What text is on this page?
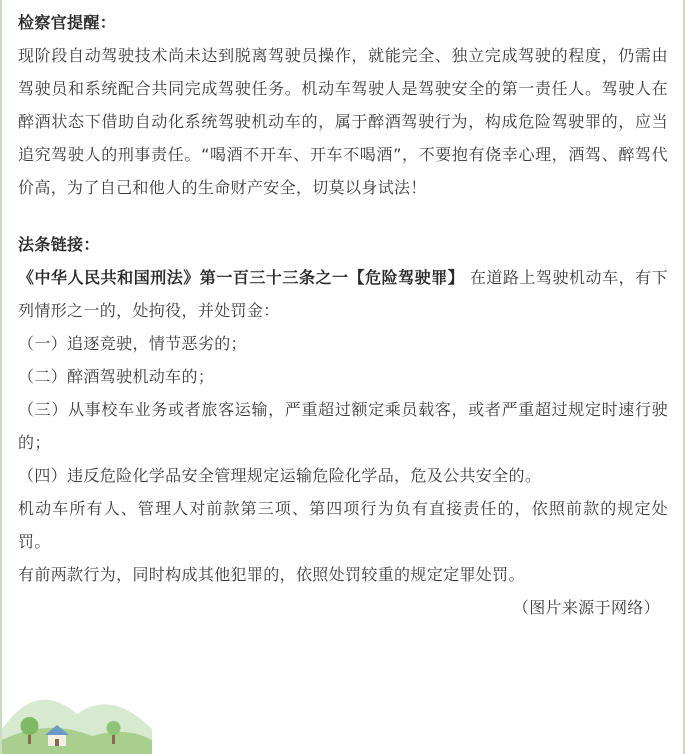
检察官提醒：

现阶段自动驾驶技术尚未达到脱离驾驶员操作，就能完全、独立完成驾驶的程度，仍需由驾驶员和系统配合共同完成驾驶任务。机动车驾驶人是驾驶安全的第一责任人。驾驶人在醉酒状态下借助自动化系统驾驶机动车的，属于醉酒驾驶行为，构成危险驾驶罪的，应当追究驾驶人的刑事责任。“喝酒不开车、开车不喝酒”，不要抱有侥幸心理，酒驾、醉驾代价高，为了自己和他人的生命财产安全，切莫以身试法！

法条链接：

《中华人民共和国刑法》第一百三十三条之一【危险驾驶罪】 在道路上驾驶机动车，有下列情形之一的，处拘役，并处罚金：

（一）追逐竞驶，情节恶劣的；

（二）醉酒驾驶机动车的；

（三）从事校车业务或者旅客运输，严重超过额定乘员载客，或者严重超过规定时速行驶的；

（四）违反危险化学品安全管理规定运输危险化学品，危及公共安全的。

机动车所有人、管理人对前款第三项、第四项行为负有直接责任的，依照前款的规定处罚。

有前两款行为，同时构成其他犯罪的，依照处罚较重的规定定罪处罚。

（图片来源于网络）
